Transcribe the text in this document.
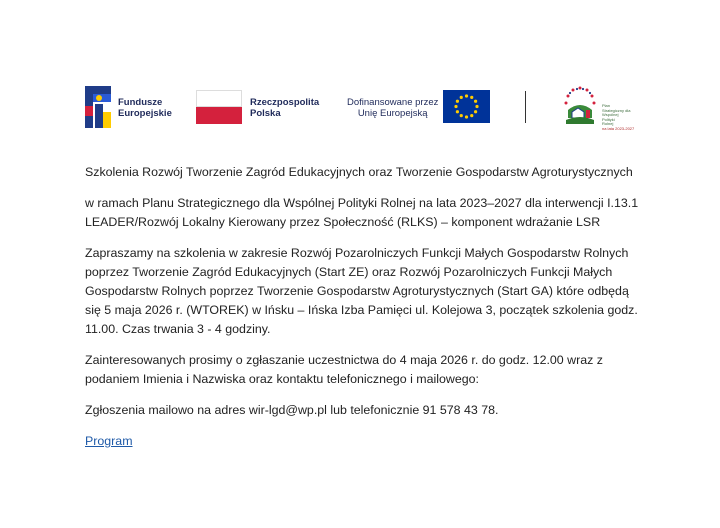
Fundusze
Europejskie
Rzeczpospolita
Polska
Dofinansowane przez
Unię Europejską
Plan
Strategiczny dla
Wspólnej
Polityki
Rolnej
na lata 2023-2027

Szkolenia Rozwój Tworzenie Zagród Edukacyjnych oraz Tworzenie Gospodarstw Agroturystycznych

w ramach Planu Strategicznego dla Wspólnej Polityki Rolnej na lata 2023–2027 dla interwencji I.13.1 LEADER/Rozwój Lokalny Kierowany przez Społeczność (RLKS) – komponent wdrażanie LSR

Zapraszamy na szkolenia w zakresie Rozwój Pozarolniczych Funkcji Małych Gospodarstw Rolnych poprzez Tworzenie Zagród Edukacyjnych (Start ZE) oraz Rozwój Pozarolniczych Funkcji Małych Gospodarstw Rolnych poprzez Tworzenie Gospodarstw Agroturystycznych (Start GA) które odbędą się 5 maja 2026 r. (WTOREK) w Ińsku – Ińska Izba Pamięci ul. Kolejowa 3, początek szkolenia godz. 11.00. Czas trwania 3 - 4 godziny.

Zainteresowanych prosimy o zgłaszanie uczestnictwa do 4 maja 2026 r. do godz. 12.00 wraz z podaniem Imienia i Nazwiska oraz kontaktu telefonicznego i mailowego:

Zgłoszenia mailowo na adres wir-lgd@wp.pl lub telefonicznie 91 578 43 78.

Program
